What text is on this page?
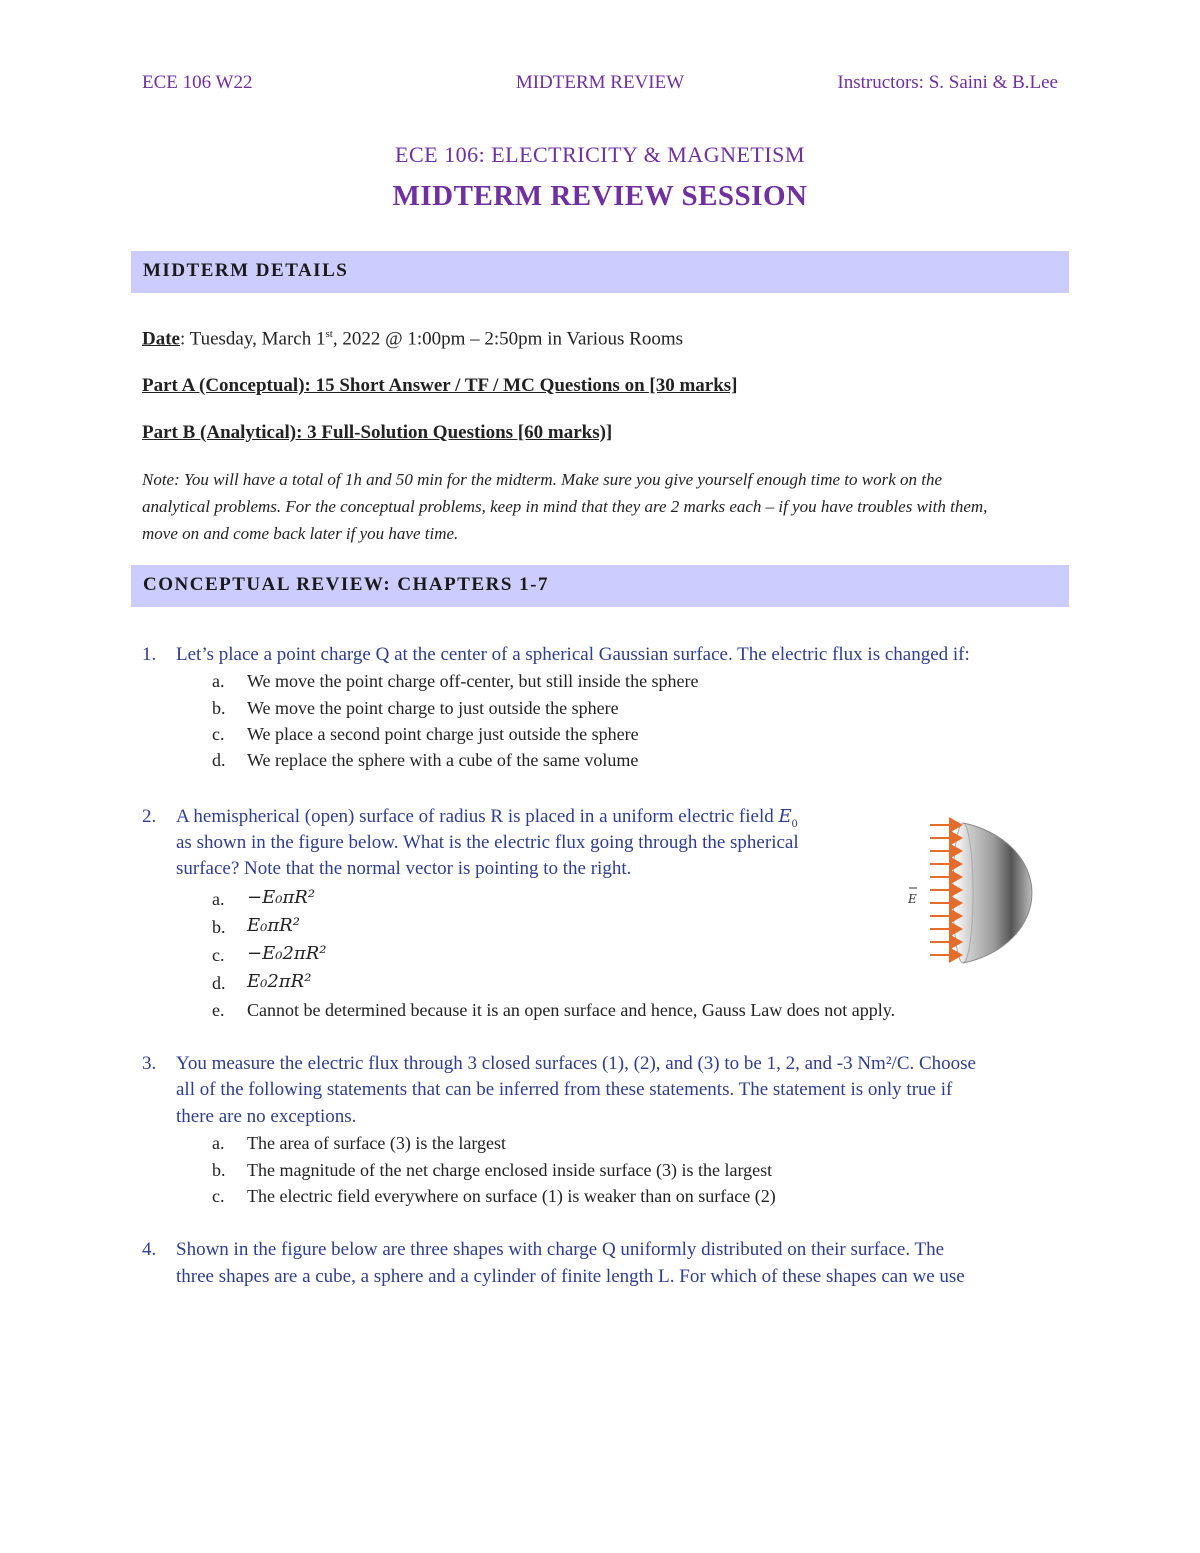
ECE 106 W22	MIDTERM REVIEW	Instructors: S. Saini & B.Lee
ECE 106: ELECTRICITY & MAGNETISM
MIDTERM REVIEW SESSION
MIDTERM DETAILS
Date: Tuesday, March 1st, 2022 @ 1:00pm – 2:50pm in Various Rooms
Part A (Conceptual): 15 Short Answer / TF / MC Questions on [30 marks]
Part B (Analytical): 3 Full-Solution Questions [60 marks)]
Note: You will have a total of 1h and 50 min for the midterm. Make sure you give yourself enough time to work on the
analytical problems. For the conceptual problems, keep in mind that they are 2 marks each – if you have troubles with them,
move on and come back later if you have time.
CONCEPTUAL REVIEW: CHAPTERS 1-7
1. Let’s place a point charge Q at the center of a spherical Gaussian surface. The electric flux is changed if:
a. We move the point charge off-center, but still inside the sphere
b. We move the point charge to just outside the sphere
c. We place a second point charge just outside the sphere
d. We replace the sphere with a cube of the same volume
2. A hemispherical (open) surface of radius R is placed in a uniform electric field $E_0$
as shown in the figure below. What is the electric flux going through the spherical
surface? Note that the normal vector is pointing to the right.
a. −E₀πR²
b. E₀πR²
c. −E₀2πR²
d. E₀2πR²
e. Cannot be determined because it is an open surface and hence, Gauss Law does not apply.
E
3. You measure the electric flux through 3 closed surfaces (1), (2), and (3) to be 1, 2, and -3 Nm²/C. Choose
all of the following statements that can be inferred from these statements. The statement is only true if
there are no exceptions.
a. The area of surface (3) is the largest
b. The magnitude of the net charge enclosed inside surface (3) is the largest
c. The electric field everywhere on surface (1) is weaker than on surface (2)
4. Shown in the figure below are three shapes with charge Q uniformly distributed on their surface. The
three shapes are a cube, a sphere and a cylinder of finite length L. For which of these shapes can we use
